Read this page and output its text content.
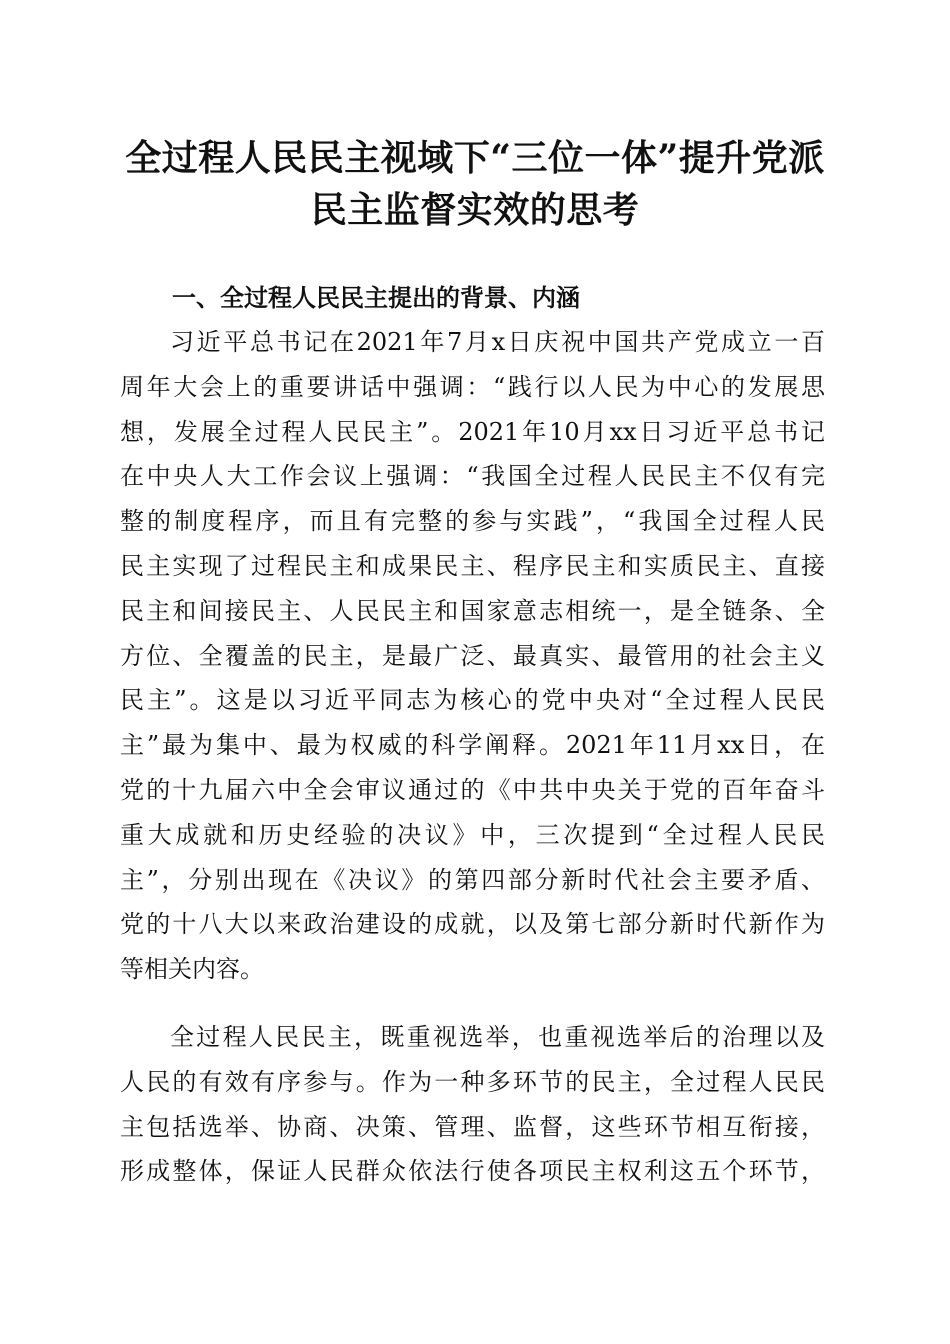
全过程人民民主视域下“三位一体”提升党派
民主监督实效的思考
一、全过程人民民主提出的背景、内涵
习近平总书记在2021年7月x日庆祝中国共产党成立一百
周年大会上的重要讲话中强调：“践行以人民为中心的发展思
想，发展全过程人民民主”。2021年10月xx日习近平总书记
在中央人大工作会议上强调：“我国全过程人民民主不仅有完
整的制度程序，而且有完整的参与实践”，“我国全过程人民
民主实现了过程民主和成果民主、程序民主和实质民主、直接
民主和间接民主、人民民主和国家意志相统一，是全链条、全
方位、全覆盖的民主，是最广泛、最真实、最管用的社会主义
民主”。这是以习近平同志为核心的党中央对“全过程人民民
主”最为集中、最为权威的科学阐释。2021年11月xx日，在
党的十九届六中全会审议通过的《中共中央关于党的百年奋斗
重大成就和历史经验的决议》中，三次提到“全过程人民民
主”，分别出现在《决议》的第四部分新时代社会主要矛盾、
党的十八大以来政治建设的成就，以及第七部分新时代新作为
等相关内容。
全过程人民民主，既重视选举，也重视选举后的治理以及
人民的有效有序参与。作为一种多环节的民主，全过程人民民
主包括选举、协商、决策、管理、监督，这些环节相互衔接，
形成整体，保证人民群众依法行使各项民主权利这五个环节，
